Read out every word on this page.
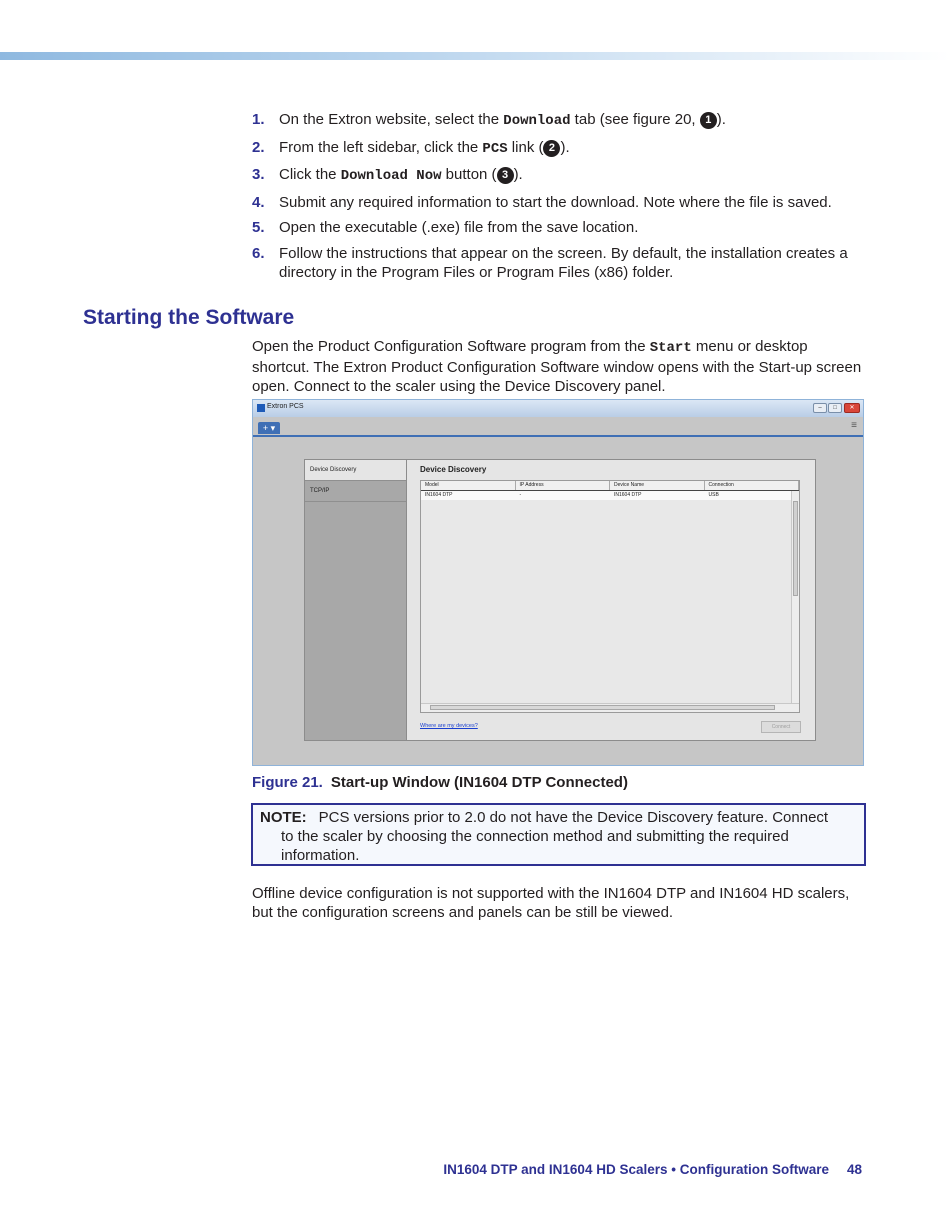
1. On the Extron website, select the Download tab (see figure 20, 1 ).
2. From the left sidebar, click the PCS link ( 2 ).
3. Click the Download Now button ( 3 ).
4. Submit any required information to start the download. Note where the file is saved.
5. Open the executable (.exe) file from the save location.
6. Follow the instructions that appear on the screen. By default, the installation creates a directory in the Program Files or Program Files (x86) folder.
Starting the Software

Open the Product Configuration Software program from the Start menu or desktop shortcut. The Extron Product Configuration Software window opens with the Start-up screen open. Connect to the scaler using the Device Discovery panel.

Extron PCS	–	□	✕
+ ▾	≡
Device Discovery
TCP/IP
Device Discovery
Model	IP Address	Device Name	Connection
IN1604 DTP	-	IN1604 DTP	USB
Where are my devices?	Connect
Figure 21. Start-up Window (IN1604 DTP Connected)
NOTE: PCS versions prior to 2.0 do not have the Device Discovery feature. Connect to the scaler by choosing the connection method and submitting the required information.

Offline device configuration is not supported with the IN1604 DTP and IN1604 HD scalers, but the configuration screens and panels can be still be viewed.

IN1604 DTP and IN1604 HD Scalers • Configuration Software 48
